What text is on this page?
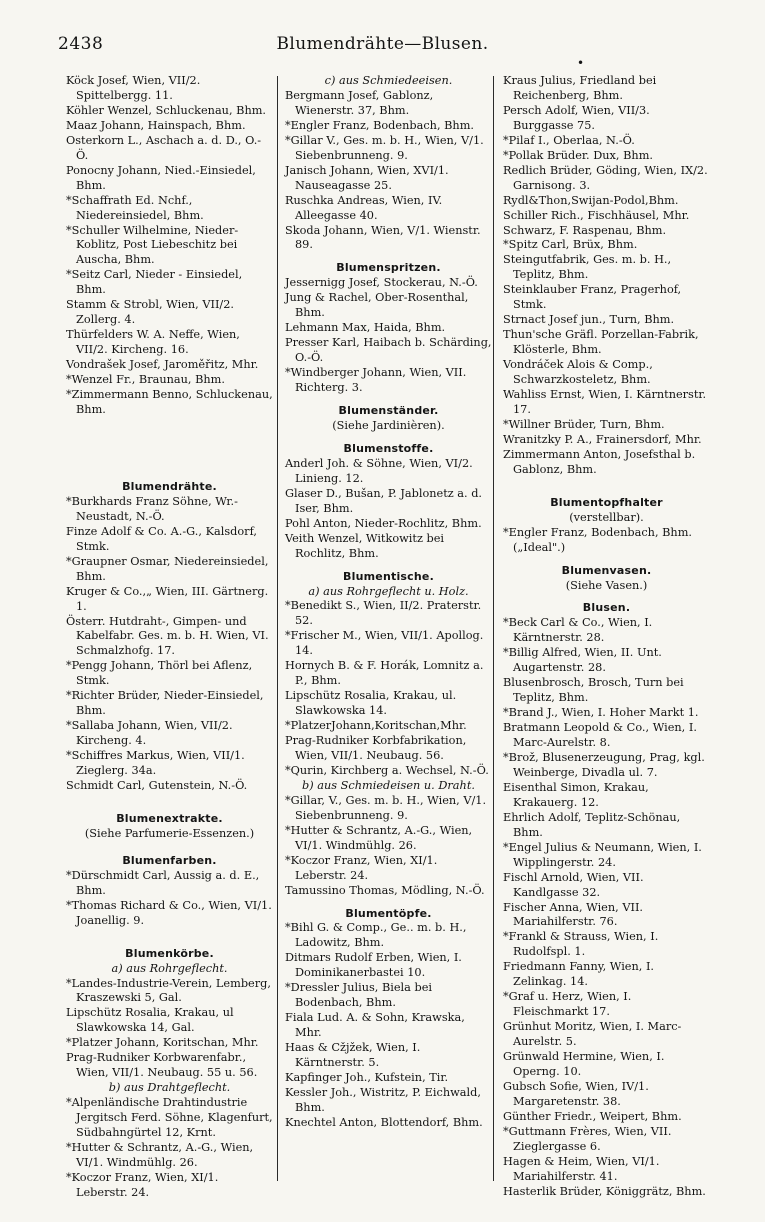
2438	Blumendrähte—Blusen.
•

Köck Josef, Wien, VII/2. Spittelbergg. 11.

Köhler Wenzel, Schluckenau, Bhm.

Maaz Johann, Hainspach, Bhm.

Osterkorn L., Aschach a. d. D., O.-Ö.

Ponocny Johann, Nied.-Einsiedel, Bhm.

*Schaffrath Ed. Nchf., Niedereinsiedel, Bhm.

*Schuller Wilhelmine, Nieder-Koblitz, Post Liebeschitz bei Auscha, Bhm.

*Seitz Carl, Nieder - Einsiedel, Bhm.

Stamm & Strobl, Wien, VII/2. Zollerg. 4.

Thürfelders W. A. Neffe, Wien, VII/2. Kircheng. 16.

Vondrašek Josef, Jaroměřitz, Mhr.

*Wenzel Fr., Braunau, Bhm.

*Zimmermann Benno, Schluckenau, Bhm.

Blumendrähte.

*Burkhards Franz Söhne, Wr.-Neustadt, N.-Ö.

Finze Adolf & Co. A.-G., Kalsdorf, Stmk.

*Graupner Osmar, Niedereinsiedel, Bhm.

Kruger & Co.,„ Wien, III. Gärtnerg. 1.

Österr. Hutdraht-, Gimpen- und Kabelfabr. Ges. m. b. H. Wien, VI. Schmalzhofg. 17.

*Pengg Johann, Thörl bei Aflenz, Stmk.

*Richter Brüder, Nieder-Einsiedel, Bhm.

*Sallaba Johann, Wien, VII/2. Kircheng. 4.

*Schiffres Markus, Wien, VII/1. Zieglerg. 34a.

Schmidt Carl, Gutenstein, N.-Ö.

Blumenextrakte.

(Siehe Parfumerie-Essenzen.)

Blumenfarben.

*Dürschmidt Carl, Aussig a. d. E., Bhm.

*Thomas Richard & Co., Wien, VI/1. Joanellig. 9.

Blumenkörbe.

a) aus Rohrgeflecht.

*Landes-Industrie-Verein, Lemberg, Kraszewski 5, Gal.

Lipschütz Rosalia, Krakau, ul Slawkowska 14, Gal.

*Platzer Johann, Koritschan, Mhr.

Prag-Rudniker Korbwarenfabr., Wien, VII/1. Neubaug. 55 u. 56.

b) aus Drahtgeflecht.

*Alpenländische Drahtindustrie Jergitsch Ferd. Söhne, Klagenfurt, Südbahngürtel 12, Krnt.

*Hutter & Schrantz, A.-G., Wien, VI/1. Windmühlg. 26.

*Koczor Franz, Wien, XI/1. Leberstr. 24.

c) aus Schmiedeeisen.

Bergmann Josef, Gablonz, Wienerstr. 37, Bhm.

*Engler Franz, Bodenbach, Bhm.

*Gillar V., Ges. m. b. H., Wien, V/1. Siebenbrunneng. 9.

Janisch Johann, Wien, XVI/1. Nauseagasse 25.

Ruschka Andreas, Wien, IV. Alleegasse 40.

Skoda Johann, Wien, V/1. Wienstr. 89.

Blumenspritzen.

Jessernigg Josef, Stockerau, N.-Ö.

Jung & Rachel, Ober-Rosenthal, Bhm.

Lehmann Max, Haida, Bhm.

Presser Karl, Haibach b. Schärding, O.-Ö.

*Windberger Johann, Wien, VII. Richterg. 3.

Blumenständer.

(Siehe Jardinièren).

Blumenstoffe.

Anderl Joh. & Söhne, Wien, VI/2. Linieng. 12.

Glaser D., Bušan, P. Jablonetz a. d. Iser, Bhm.

Pohl Anton, Nieder-Rochlitz, Bhm.

Veith Wenzel, Witkowitz bei Rochlitz, Bhm.

Blumentische.

a) aus Rohrgeflecht u. Holz.

*Benedikt S., Wien, II/2. Praterstr. 52.

*Frischer M., Wien, VII/1. Apollog. 14.

Hornych B. & F. Horák, Lomnitz a. P., Bhm.

Lipschütz Rosalia, Krakau, ul. Slawkowska 14.

*PlatzerJohann,Koritschan,Mhr.

Prag-Rudniker Korbfabrikation, Wien, VII/1. Neubaug. 56.

*Qurin, Kirchberg a. Wechsel, N.-Ö.

b) aus Schmiedeisen u. Draht.

*Gillar, V., Ges. m. b. H., Wien, V/1. Siebenbrunneng. 9.

*Hutter & Schrantz, A.-G., Wien, VI/1. Windmühlg. 26.

*Koczor Franz, Wien, XI/1. Leberstr. 24.

Tamussino Thomas, Mödling, N.-Ö.

Blumentöpfe.

*Bihl G. & Comp., Ge.. m. b. H., Ladowitz, Bhm.

Ditmars Rudolf Erben, Wien, I. Dominikanerbastei 10.

*Dressler Julius, Biela bei Bodenbach, Bhm.

Fiala Lud. A. & Sohn, Krawska, Mhr.

Haas & Cžjžek, Wien, I. Kärntnerstr. 5.

Kapfinger Joh., Kufstein, Tir.

Kessler Joh., Wistritz, P. Eichwald, Bhm.

Knechtel Anton, Blottendorf, Bhm.

Kraus Julius, Friedland bei Reichenberg, Bhm.

Persch Adolf, Wien, VII/3. Burggasse 75.

*Pilaf I., Oberlaa, N.-Ö.

*Pollak Brüder. Dux, Bhm.

Redlich Brüder, Göding, Wien, IX/2. Garnisong. 3.

Rydl&Thon,Swijan-Podol,Bhm.

Schiller Rich., Fischhäusel, Mhr.

Schwarz, F. Raspenau, Bhm.

*Spitz Carl, Brüx, Bhm.

Steingutfabrik, Ges. m. b. H., Teplitz, Bhm.

Steinklauber Franz, Pragerhof, Stmk.

Strnact Josef jun., Turn, Bhm.

Thun'sche Gräfl. Porzellan-Fabrik, Klösterle, Bhm.

Vondráček Alois & Comp., Schwarzkosteletz, Bhm.

Wahliss Ernst, Wien, I. Kärntnerstr. 17.

*Willner Brüder, Turn, Bhm.

Wranitzky P. A., Frainersdorf, Mhr.

Zimmermann Anton, Josefsthal b. Gablonz, Bhm.

Blumentopfhalter

(verstellbar).

*Engler Franz, Bodenbach, Bhm. („Ideal".)

Blumenvasen.

(Siehe Vasen.)

Blusen.

*Beck Carl & Co., Wien, I. Kärntnerstr. 28.

*Billig Alfred, Wien, II. Unt. Augartenstr. 28.

Blusenbrosch, Brosch, Turn bei Teplitz, Bhm.

*Brand J., Wien, I. Hoher Markt 1.

Bratmann Leopold & Co., Wien, I. Marc-Aurelstr. 8.

*Brož, Blusenerzeugung, Prag, kgl. Weinberge, Divadla ul. 7.

Eisenthal Simon, Krakau, Krakauerg. 12.

Ehrlich Adolf, Teplitz-Schönau, Bhm.

*Engel Julius & Neumann, Wien, I. Wipplingerstr. 24.

Fischl Arnold, Wien, VII. Kandlgasse 32.

Fischer Anna, Wien, VII. Mariahilferstr. 76.

*Frankl & Strauss, Wien, I. Rudolfspl. 1.

Friedmann Fanny, Wien, I. Zelinkag. 14.

*Graf u. Herz, Wien, I. Fleischmarkt 17.

Grünhut Moritz, Wien, I. Marc-Aurelstr. 5.

Grünwald Hermine, Wien, I. Operng. 10.

Gubsch Sofie, Wien, IV/1. Margaretenstr. 38.

Günther Friedr., Weipert, Bhm.

*Guttmann Frères, Wien, VII. Zieglergasse 6.

Hagen & Heim, Wien, VI/1. Mariahilferstr. 41.

Hasterlik Brüder, Königgrätz, Bhm.
